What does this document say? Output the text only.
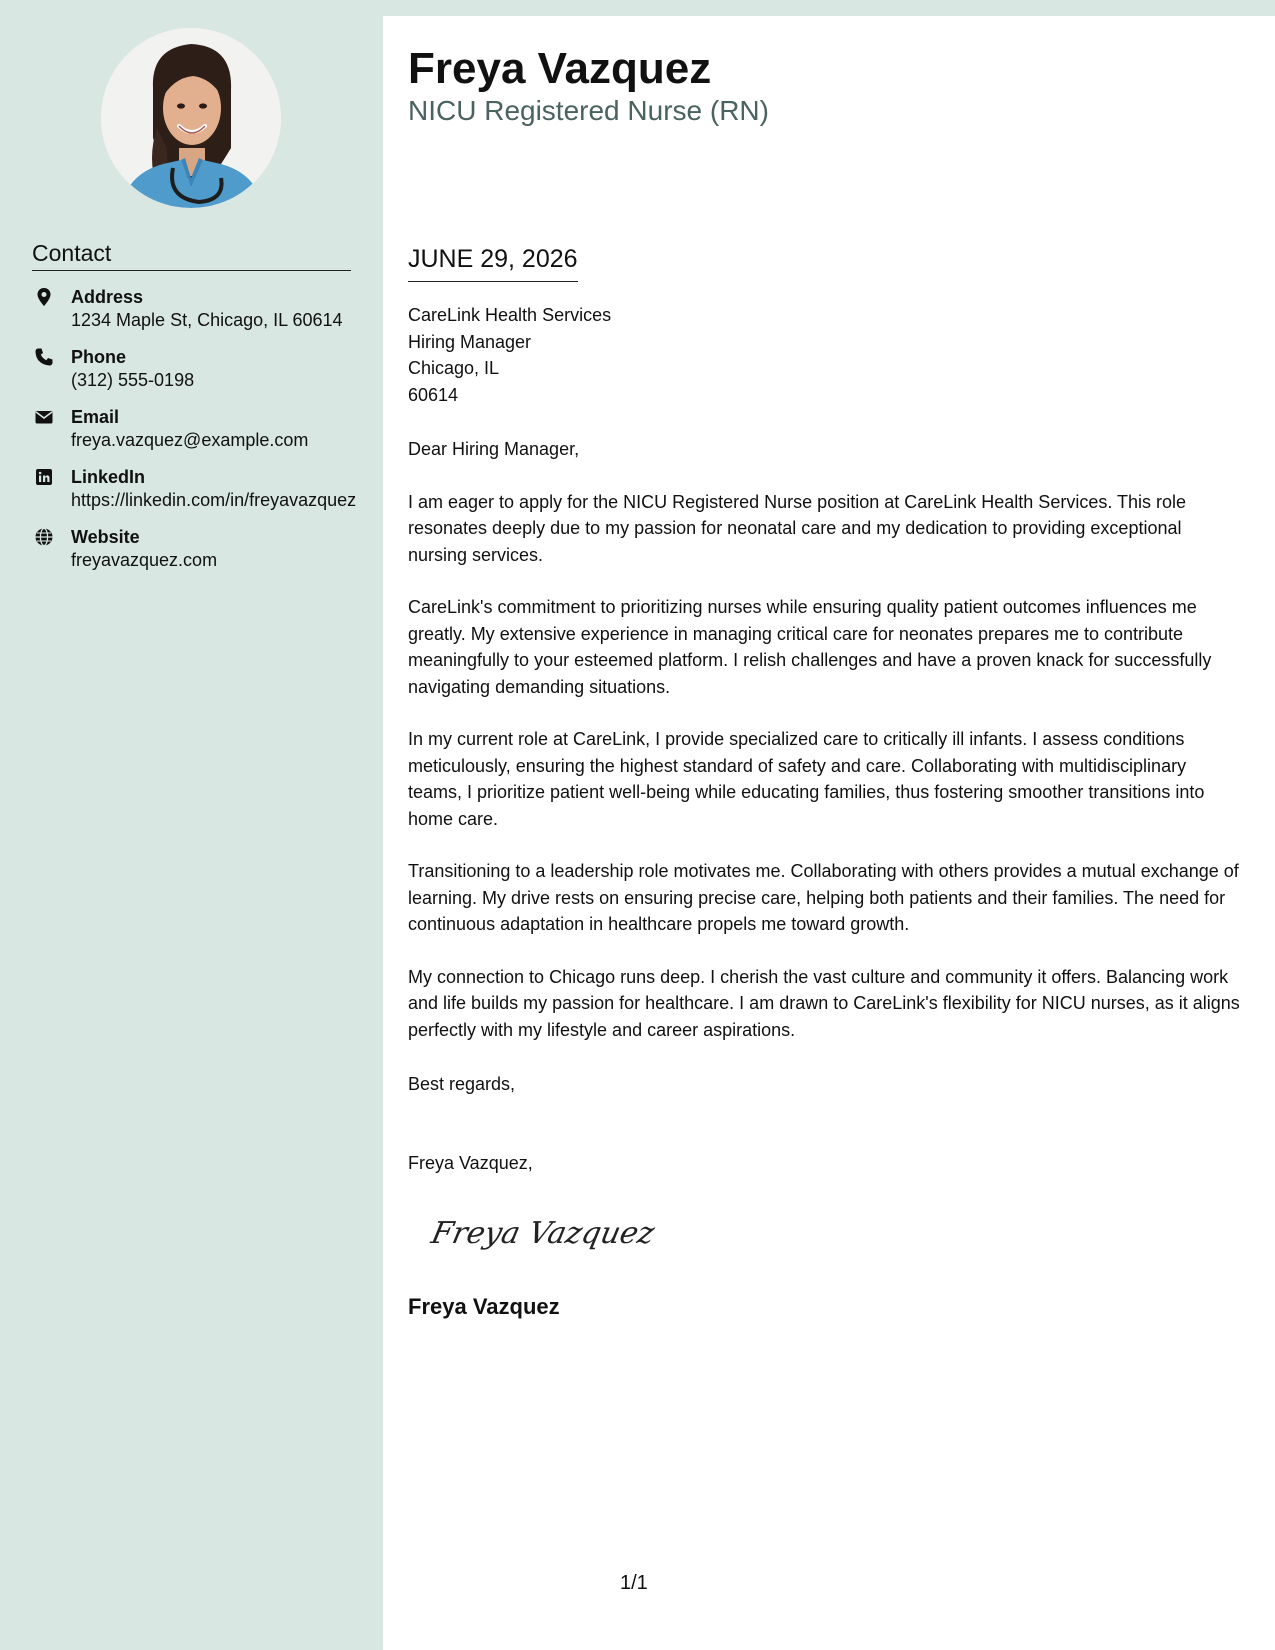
Contact
Address
1234 Maple St, Chicago, IL 60614
Phone
(312) 555-0198
Email
freya.vazquez@example.com
LinkedIn
https://linkedin.com/in/freyavazquez
Website
freyavazquez.com
Freya Vazquez
NICU Registered Nurse (RN)
JUNE 29, 2026
CareLink Health Services
Hiring Manager
Chicago, IL
60614

Dear Hiring Manager,

I am eager to apply for the NICU Registered Nurse position at CareLink Health Services. This role resonates deeply due to my passion for neonatal care and my dedication to providing exceptional nursing services.

CareLink's commitment to prioritizing nurses while ensuring quality patient outcomes influences me greatly. My extensive experience in managing critical care for neonates prepares me to contribute meaningfully to your esteemed platform. I relish challenges and have a proven knack for successfully navigating demanding situations.

In my current role at CareLink, I provide specialized care to critically ill infants. I assess conditions meticulously, ensuring the highest standard of safety and care. Collaborating with multidisciplinary teams, I prioritize patient well-being while educating families, thus fostering smoother transitions into home care.

Transitioning to a leadership role motivates me. Collaborating with others provides a mutual exchange of learning. My drive rests on ensuring precise care, helping both patients and their families. The need for continuous adaptation in healthcare propels me toward growth.

My connection to Chicago runs deep. I cherish the vast culture and community it offers. Balancing work and life builds my passion for healthcare. I am drawn to CareLink's flexibility for NICU nurses, as it aligns perfectly with my lifestyle and career aspirations.

Best regards,
Freya Vazquez,
Freya Vazquez
Freya Vazquez
1/1
